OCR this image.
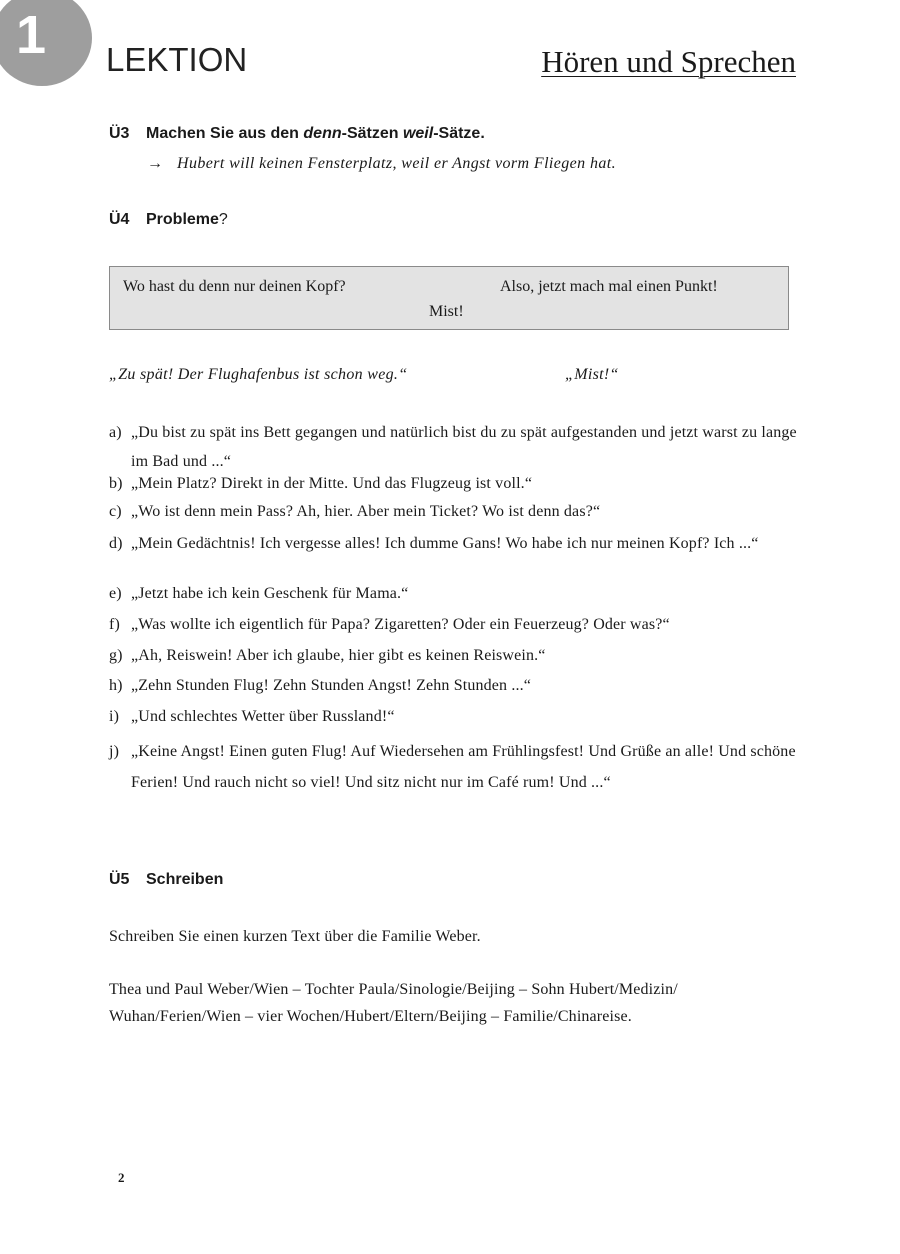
1 LEKTION	Hören und Sprechen
Ü3 Machen Sie aus den denn-Sätzen weil-Sätze.
→ Hubert will keinen Fensterplatz, weil er Angst vorm Fliegen hat.
Ü4 Probleme?
Wo hast du denn nur deinen Kopf?	Also, jetzt mach mal einen Punkt!
Mist!
„Zu spät! Der Flughafenbus ist schon weg.“	„Mist!“
a) „Du bist zu spät ins Bett gegangen und natürlich bist du zu spät aufgestanden und jetzt warst zu lange im Bad und ...“
b) „Mein Platz? Direkt in der Mitte. Und das Flugzeug ist voll.“
c) „Wo ist denn mein Pass? Ah, hier. Aber mein Ticket? Wo ist denn das?“
d) „Mein Gedächtnis! Ich vergesse alles! Ich dumme Gans! Wo habe ich nur meinen Kopf? Ich ...“
e) „Jetzt habe ich kein Geschenk für Mama.“
f) „Was wollte ich eigentlich für Papa? Zigaretten? Oder ein Feuerzeug? Oder was?“
g) „Ah, Reiswein! Aber ich glaube, hier gibt es keinen Reiswein.“
h) „Zehn Stunden Flug! Zehn Stunden Angst! Zehn Stunden ...“
i) „Und schlechtes Wetter über Russland!“
j) „Keine Angst! Einen guten Flug! Auf Wiedersehen am Frühlingsfest! Und Grüße an alle! Und schöne Ferien! Und rauch nicht so viel! Und sitz nicht nur im Café rum! Und ...“
Ü5 Schreiben
Schreiben Sie einen kurzen Text über die Familie Weber.
Thea und Paul Weber/Wien – Tochter Paula/Sinologie/Beijing – Sohn Hubert/Medizin/ Wuhan/Ferien/Wien – vier Wochen/Hubert/Eltern/Beijing – Familie/Chinareise.
2
